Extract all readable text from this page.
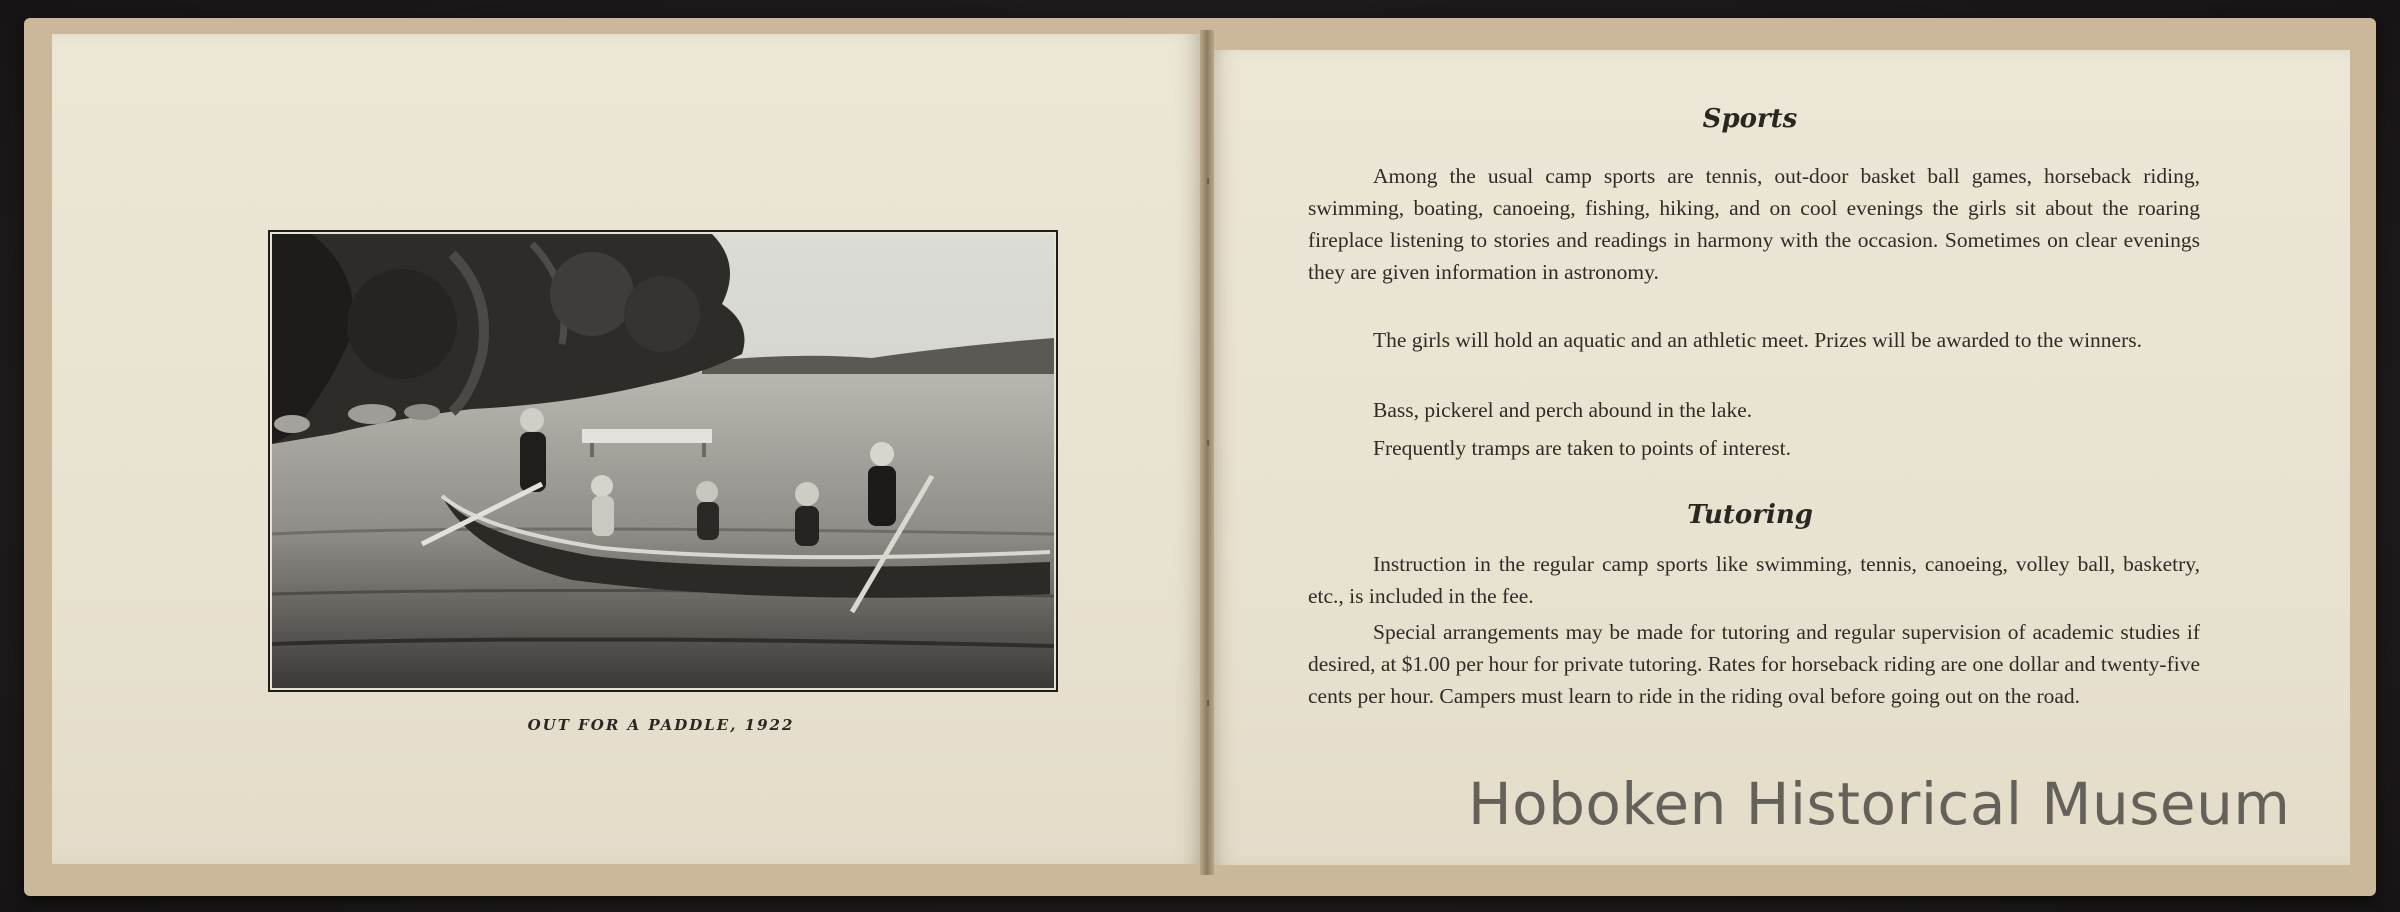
OUT FOR A PADDLE, 1922
Sports

Among the usual camp sports are tennis, out-door basket ball games, horseback riding, swimming, boating, canoeing, fishing, hiking, and on cool evenings the girls sit about the roaring fireplace listening to stories and readings in harmony with the occasion. Sometimes on clear evenings they are given information in astronomy.

The girls will hold an aquatic and an athletic meet. Prizes will be awarded to the winners.

Bass, pickerel and perch abound in the lake.

Frequently tramps are taken to points of interest.

Tutoring

Instruction in the regular camp sports like swimming, tennis, canoeing, volley ball, basketry, etc., is included in the fee.

Special arrangements may be made for tutoring and regular supervision of academic studies if desired, at $1.00 per hour for private tutoring. Rates for horseback riding are one dollar and twenty-five cents per hour. Campers must learn to ride in the riding oval before going out on the road.

Hoboken Historical Museum
